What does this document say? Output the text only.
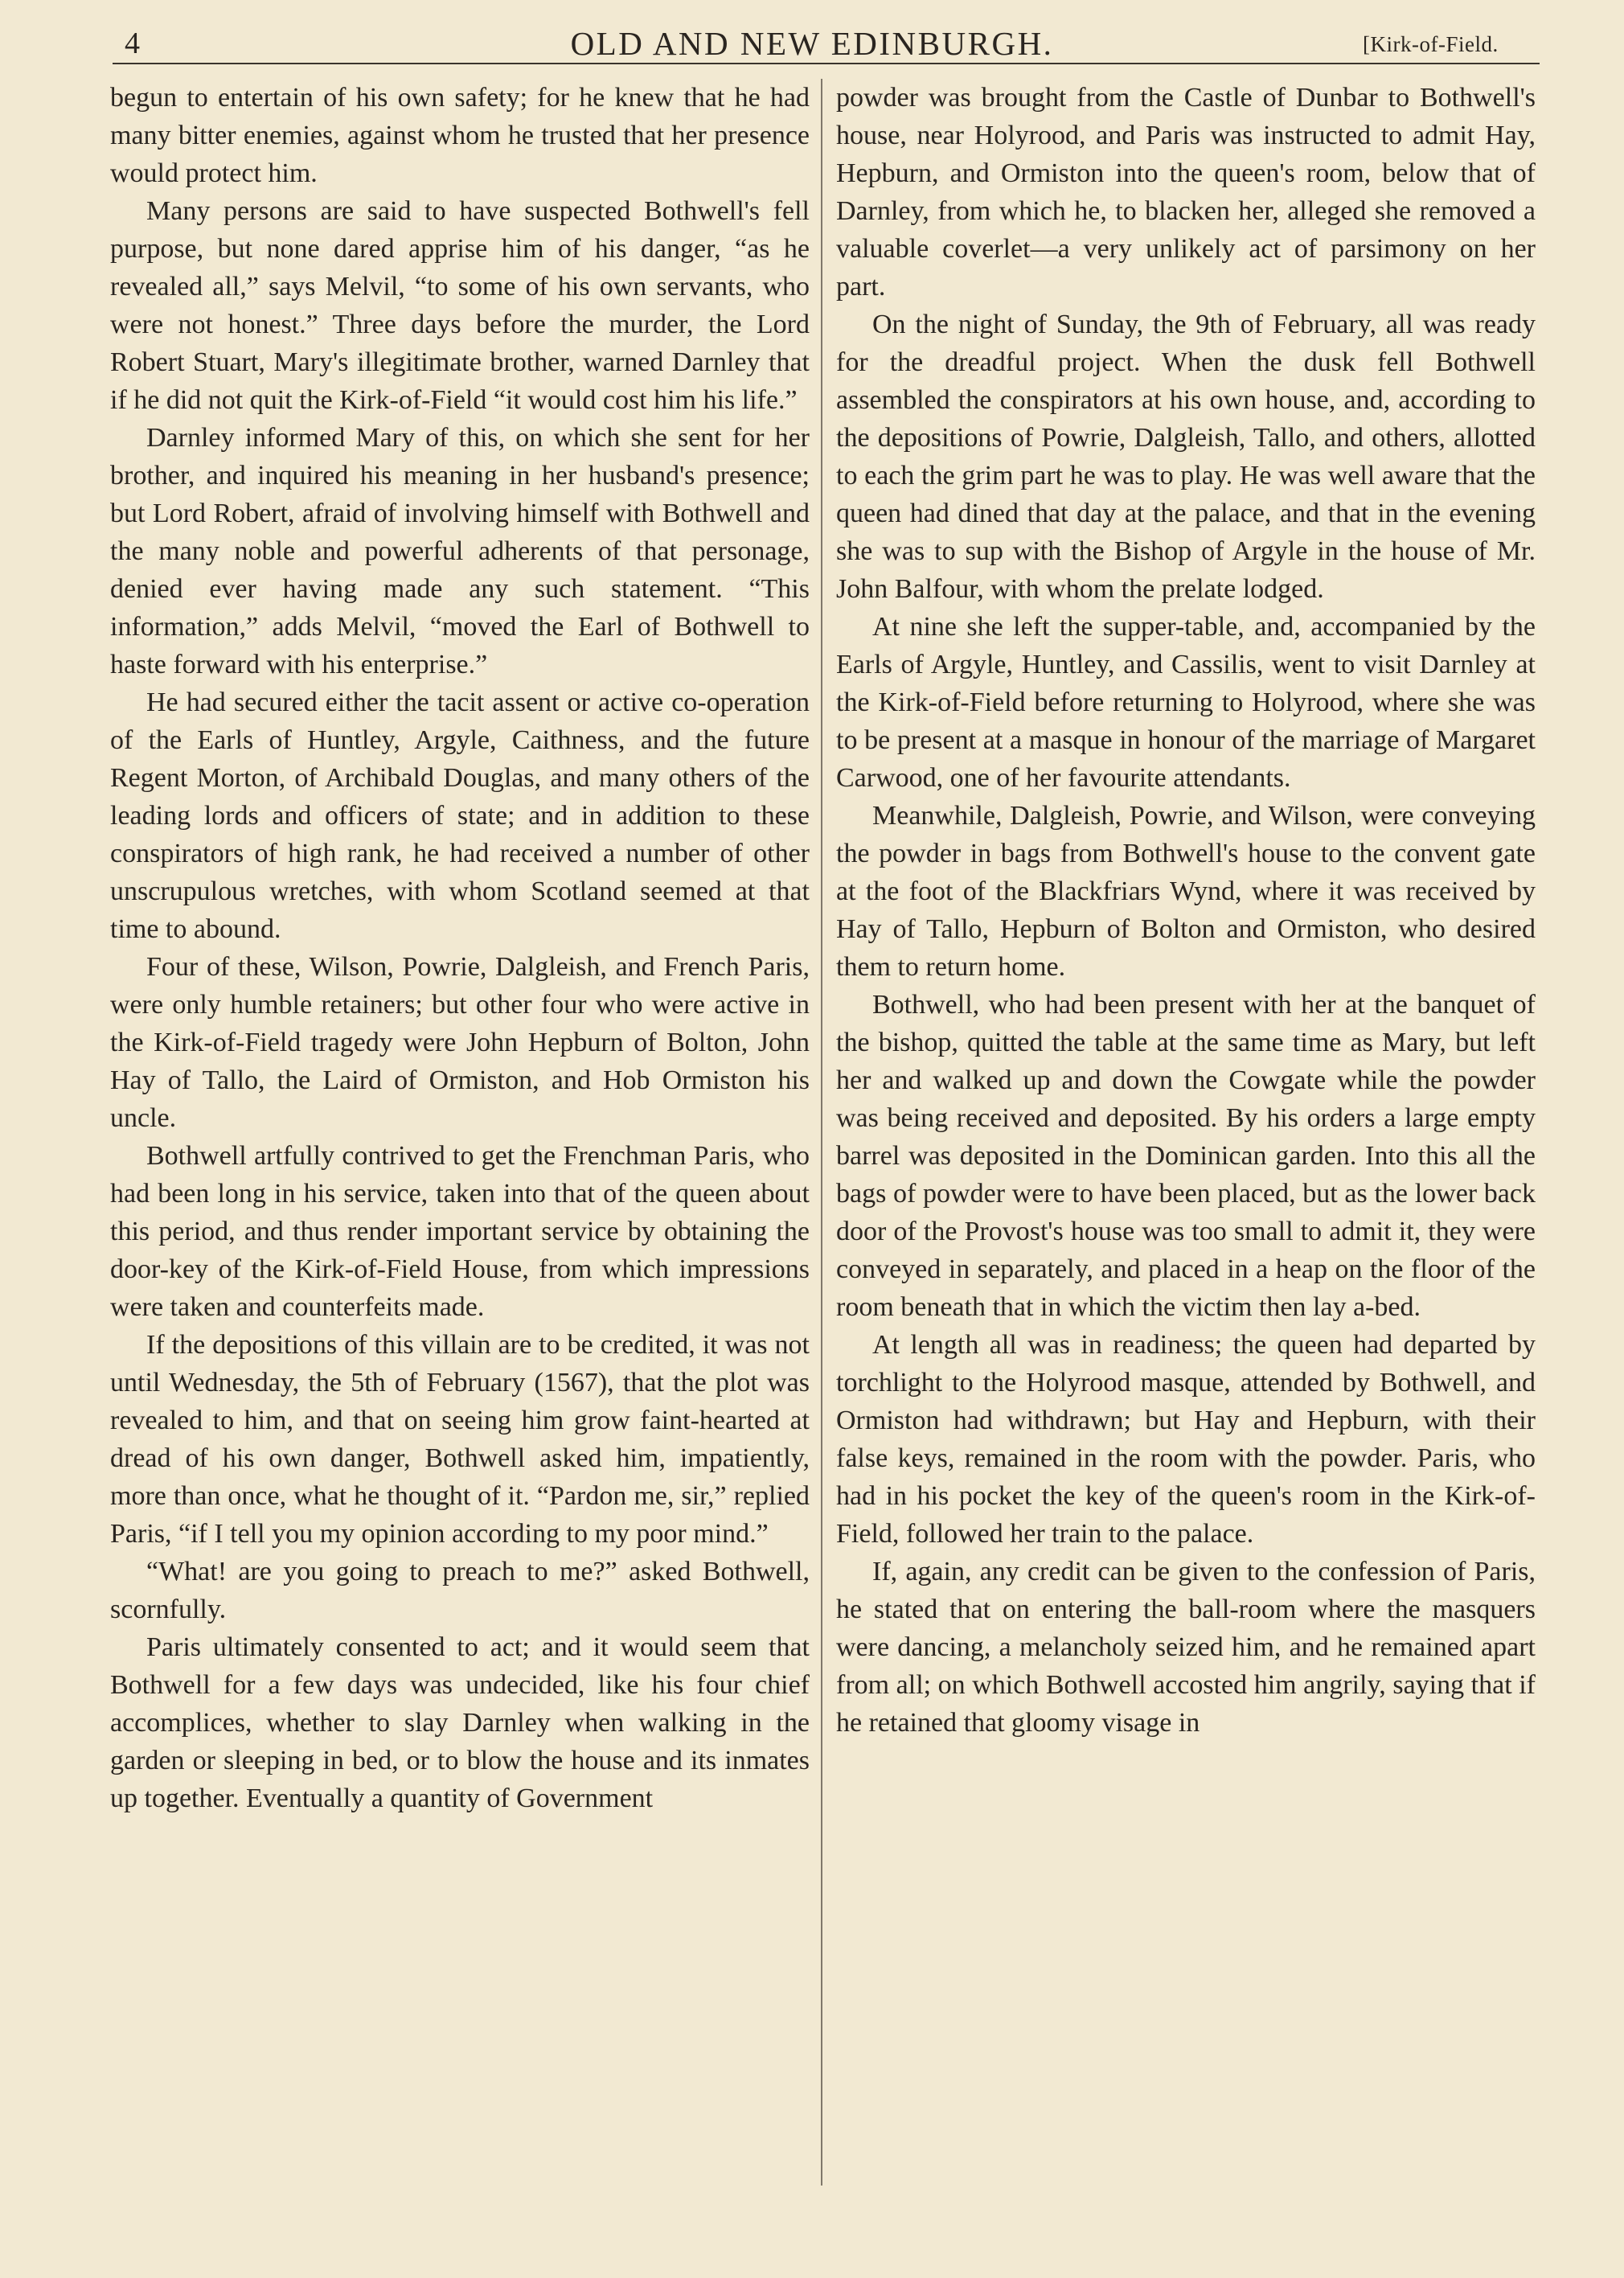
4	OLD AND NEW EDINBURGH.	[Kirk-of-Field.

begun to entertain of his own safety; for he knew that he had many bitter enemies, against whom he trusted that her presence would protect him.

Many persons are said to have suspected Bothwell's fell purpose, but none dared apprise him of his danger, “as he revealed all,” says Melvil, “to some of his own servants, who were not honest.” Three days before the murder, the Lord Robert Stuart, Mary's illegitimate brother, warned Darnley that if he did not quit the Kirk-of-Field “it would cost him his life.”

Darnley informed Mary of this, on which she sent for her brother, and inquired his meaning in her husband's presence; but Lord Robert, afraid of involving himself with Bothwell and the many noble and powerful adherents of that personage, denied ever having made any such statement. “This information,” adds Melvil, “moved the Earl of Bothwell to haste forward with his enterprise.”

He had secured either the tacit assent or active co-operation of the Earls of Huntley, Argyle, Caithness, and the future Regent Morton, of Archibald Douglas, and many others of the leading lords and officers of state; and in addition to these conspirators of high rank, he had received a number of other unscrupulous wretches, with whom Scotland seemed at that time to abound.

Four of these, Wilson, Powrie, Dalgleish, and French Paris, were only humble retainers; but other four who were active in the Kirk-of-Field tragedy were John Hepburn of Bolton, John Hay of Tallo, the Laird of Ormiston, and Hob Ormiston his uncle.

Bothwell artfully contrived to get the Frenchman Paris, who had been long in his service, taken into that of the queen about this period, and thus render important service by obtaining the door-key of the Kirk-of-Field House, from which impressions were taken and counterfeits made.

If the depositions of this villain are to be credited, it was not until Wednesday, the 5th of February (1567), that the plot was revealed to him, and that on seeing him grow faint-hearted at dread of his own danger, Bothwell asked him, impatiently, more than once, what he thought of it. “Pardon me, sir,” replied Paris, “if I tell you my opinion according to my poor mind.”

“What! are you going to preach to me?” asked Bothwell, scornfully.

Paris ultimately consented to act; and it would seem that Bothwell for a few days was undecided, like his four chief accomplices, whether to slay Darnley when walking in the garden or sleeping in bed, or to blow the house and its inmates up together. Eventually a quantity of Government

powder was brought from the Castle of Dunbar to Bothwell's house, near Holyrood, and Paris was instructed to admit Hay, Hepburn, and Ormiston into the queen's room, below that of Darnley, from which he, to blacken her, alleged she removed a valuable coverlet—a very unlikely act of parsimony on her part.

On the night of Sunday, the 9th of February, all was ready for the dreadful project. When the dusk fell Bothwell assembled the conspirators at his own house, and, according to the depositions of Powrie, Dalgleish, Tallo, and others, allotted to each the grim part he was to play. He was well aware that the queen had dined that day at the palace, and that in the evening she was to sup with the Bishop of Argyle in the house of Mr. John Balfour, with whom the prelate lodged.

At nine she left the supper-table, and, accompanied by the Earls of Argyle, Huntley, and Cassilis, went to visit Darnley at the Kirk-of-Field before returning to Holyrood, where she was to be present at a masque in honour of the marriage of Margaret Carwood, one of her favourite attendants.

Meanwhile, Dalgleish, Powrie, and Wilson, were conveying the powder in bags from Bothwell's house to the convent gate at the foot of the Blackfriars Wynd, where it was received by Hay of Tallo, Hepburn of Bolton and Ormiston, who desired them to return home.

Bothwell, who had been present with her at the banquet of the bishop, quitted the table at the same time as Mary, but left her and walked up and down the Cowgate while the powder was being received and deposited. By his orders a large empty barrel was deposited in the Dominican garden. Into this all the bags of powder were to have been placed, but as the lower back door of the Provost's house was too small to admit it, they were conveyed in separately, and placed in a heap on the floor of the room beneath that in which the victim then lay a-bed.

At length all was in readiness; the queen had departed by torchlight to the Holyrood masque, attended by Bothwell, and Ormiston had withdrawn; but Hay and Hepburn, with their false keys, remained in the room with the powder. Paris, who had in his pocket the key of the queen's room in the Kirk-of-Field, followed her train to the palace.

If, again, any credit can be given to the confession of Paris, he stated that on entering the ball-room where the masquers were dancing, a melancholy seized him, and he remained apart from all; on which Bothwell accosted him angrily, saying that if he retained that gloomy visage in
